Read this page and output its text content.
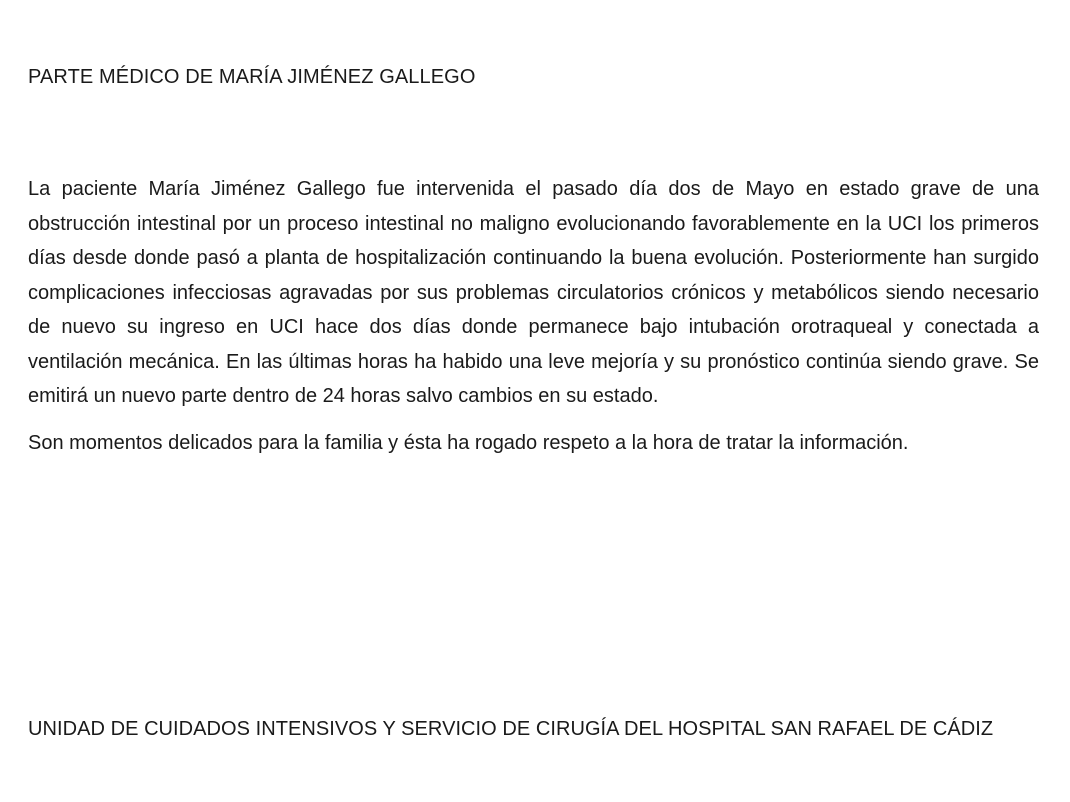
PARTE MÉDICO DE MARÍA JIMÉNEZ GALLEGO

La paciente María Jiménez Gallego fue intervenida el pasado día dos de Mayo en estado grave de una obstrucción intestinal por un proceso intestinal no maligno evolucionando favorablemente en la UCI los primeros días desde donde pasó a planta de hospitalización continuando la buena evolución. Posteriormente han surgido complicaciones infecciosas agravadas por sus problemas circulatorios crónicos y metabólicos siendo necesario de nuevo su ingreso en UCI hace dos días donde permanece bajo intubación orotraqueal y conectada a ventilación mecánica. En las últimas horas ha habido una leve mejoría y su pronóstico continúa siendo grave. Se emitirá un nuevo parte dentro de 24 horas salvo cambios en su estado.

Son momentos delicados para la familia y ésta ha rogado respeto a la hora de tratar la información.

UNIDAD DE CUIDADOS INTENSIVOS Y SERVICIO DE CIRUGÍA DEL HOSPITAL SAN RAFAEL DE CÁDIZ
